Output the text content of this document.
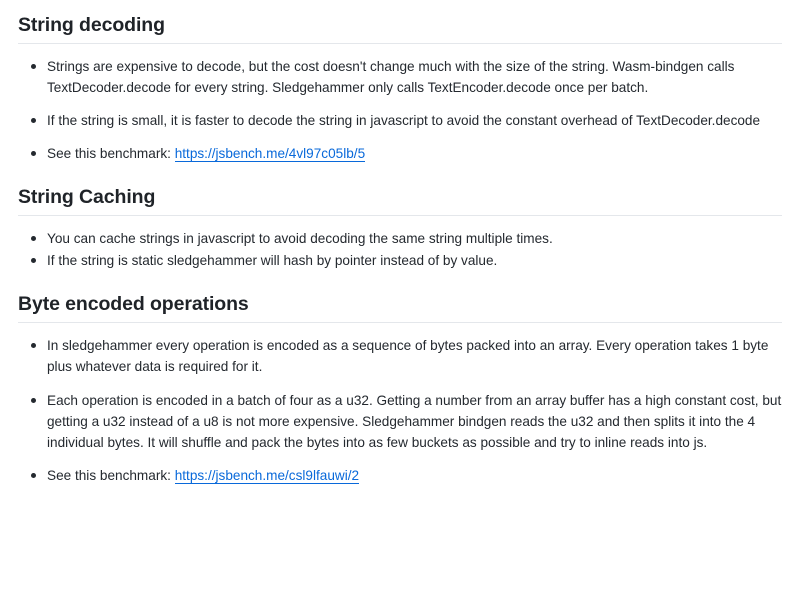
String decoding
Strings are expensive to decode, but the cost doesn't change much with the size of the string. Wasm-bindgen calls TextDecoder.decode for every string. Sledgehammer only calls TextEncoder.decode once per batch.
If the string is small, it is faster to decode the string in javascript to avoid the constant overhead of TextDecoder.decode
See this benchmark: https://jsbench.me/4vl97c05lb/5
String Caching
You can cache strings in javascript to avoid decoding the same string multiple times.
If the string is static sledgehammer will hash by pointer instead of by value.
Byte encoded operations
In sledgehammer every operation is encoded as a sequence of bytes packed into an array. Every operation takes 1 byte plus whatever data is required for it.
Each operation is encoded in a batch of four as a u32. Getting a number from an array buffer has a high constant cost, but getting a u32 instead of a u8 is not more expensive. Sledgehammer bindgen reads the u32 and then splits it into the 4 individual bytes. It will shuffle and pack the bytes into as few buckets as possible and try to inline reads into js.
See this benchmark: https://jsbench.me/csl9lfauwi/2
